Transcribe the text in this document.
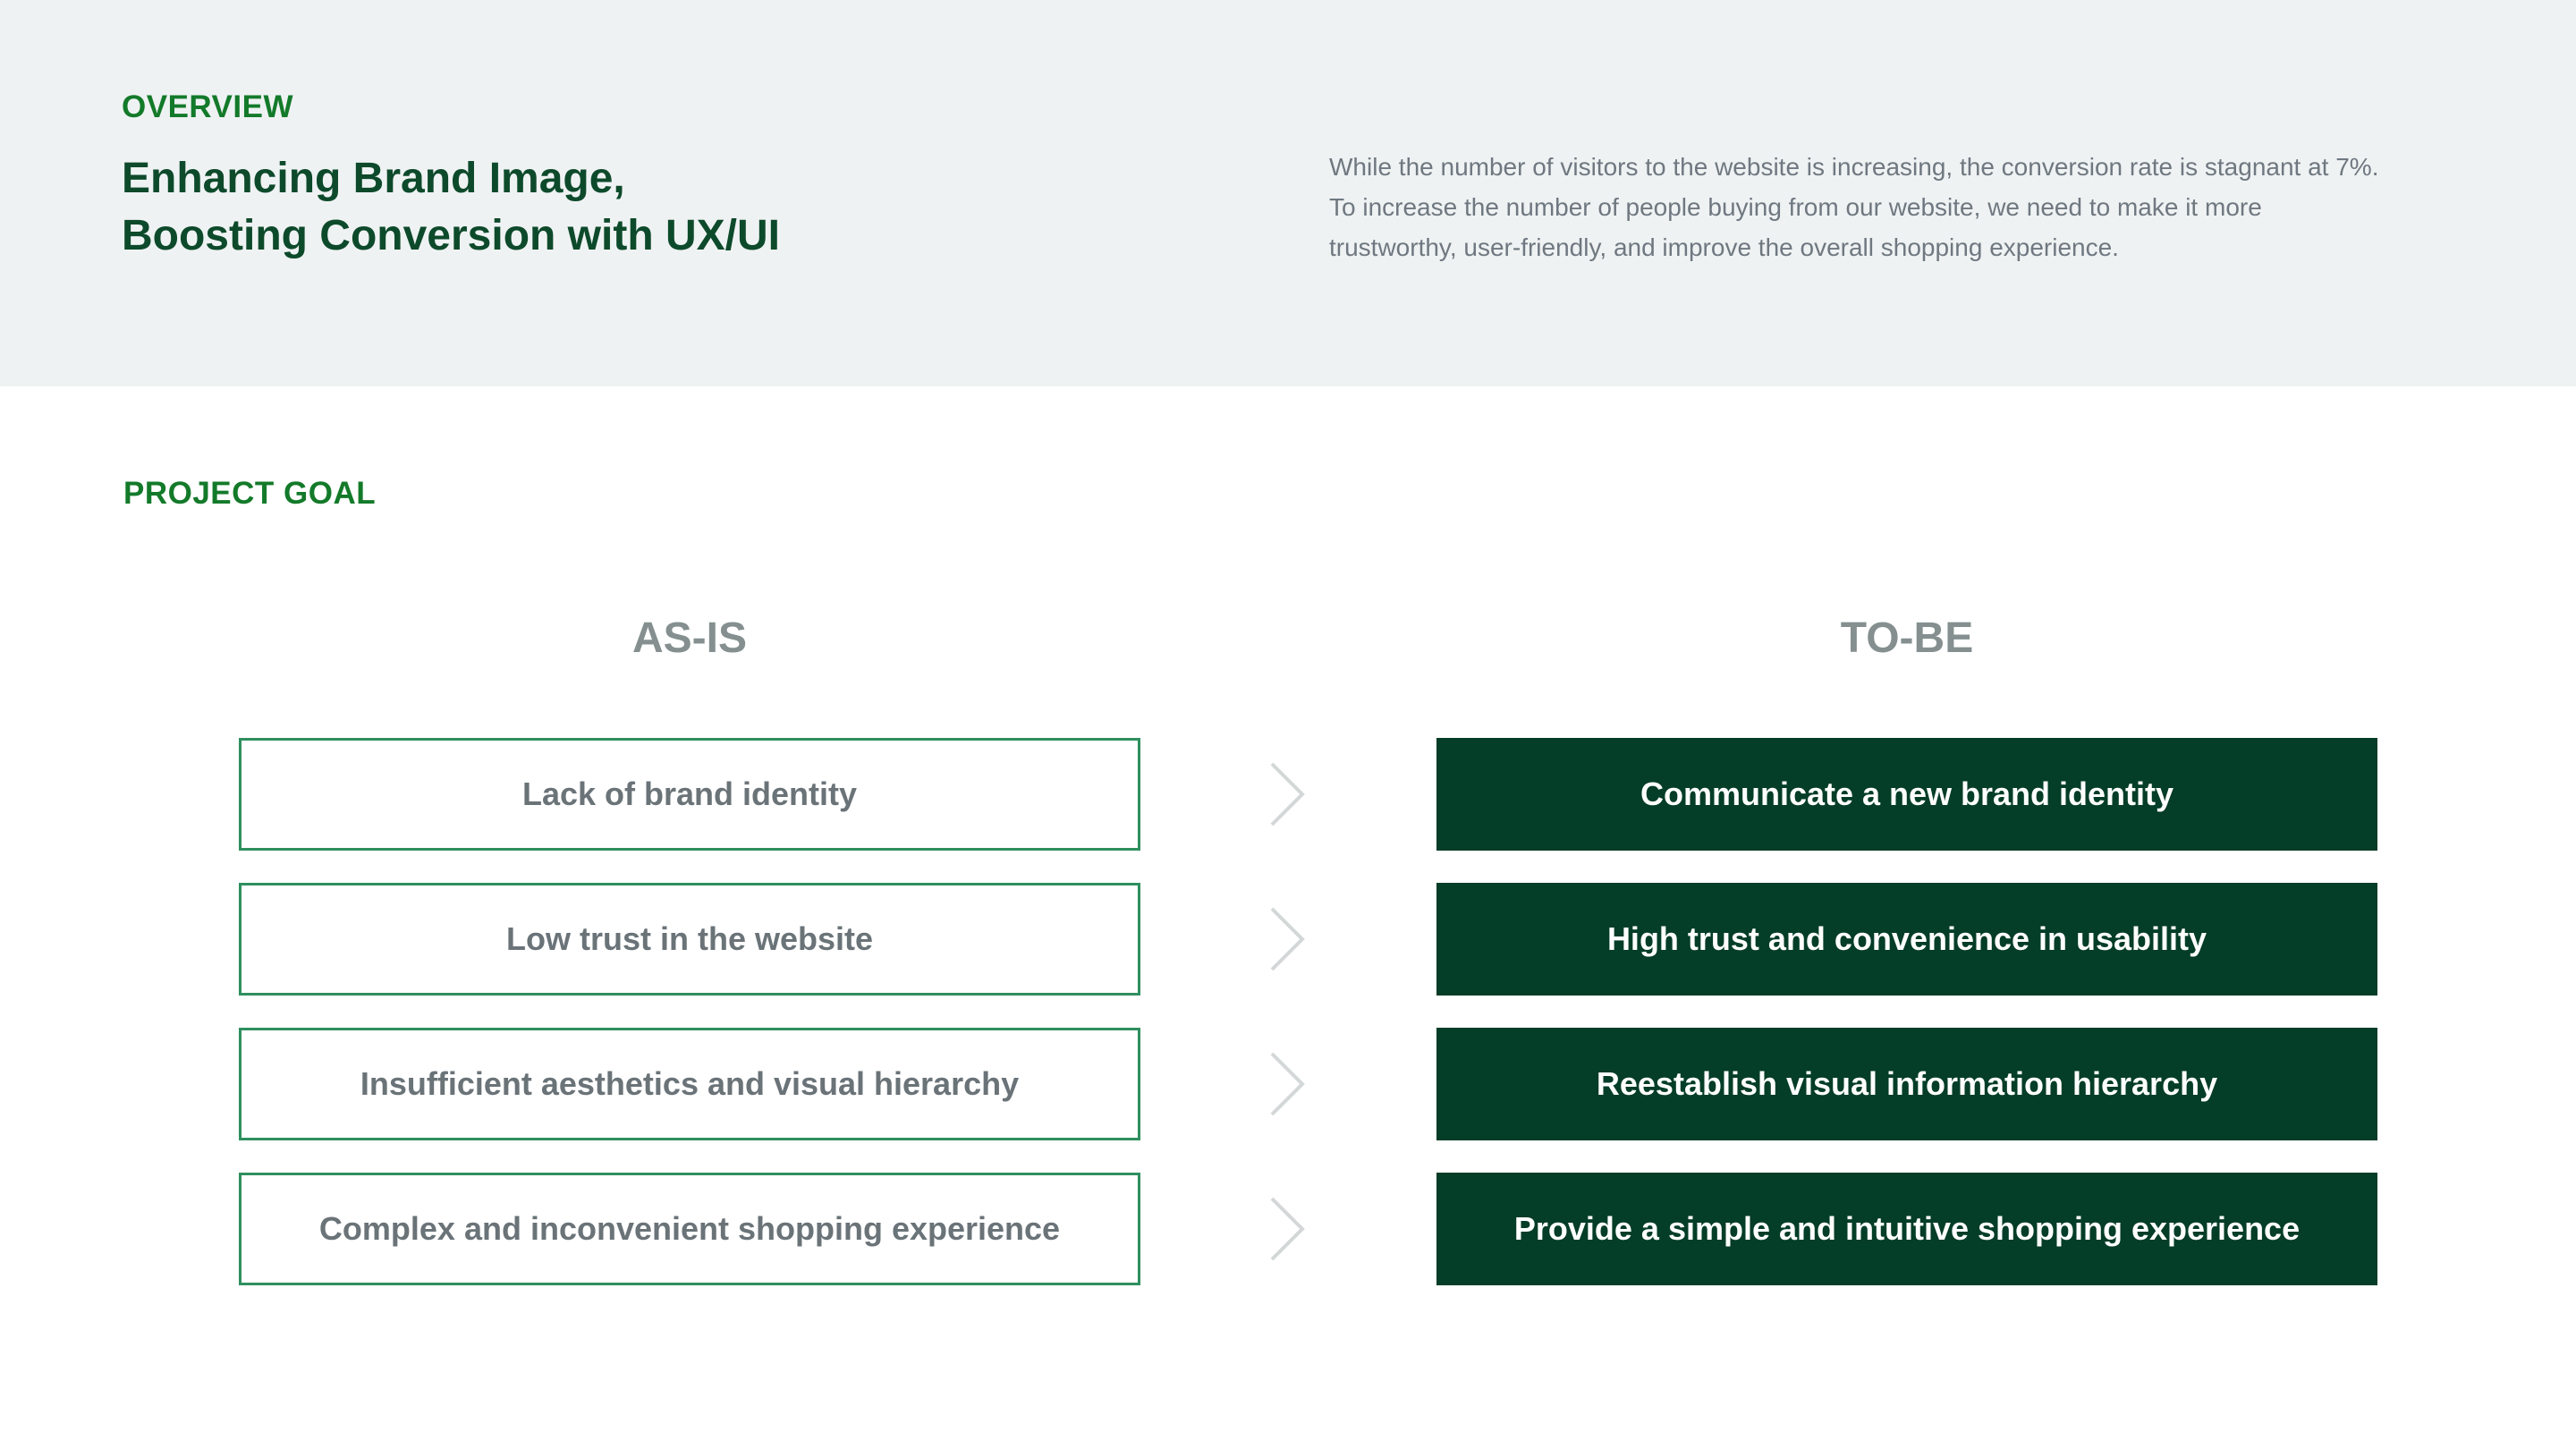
OVERVIEW
Enhancing Brand Image,
Boosting Conversion with UX/UI
While the number of visitors to the website is increasing, the conversion rate is stagnant at 7%.
To increase the number of people buying from our website, we need to make it more
trustworthy, user-friendly, and improve the overall shopping experience.
PROJECT GOAL
AS-IS	TO-BE
Lack of brand identity	Communicate a new brand identity
Low trust in the website	High trust and convenience in usability
Insufficient aesthetics and visual hierarchy	Reestablish visual information hierarchy
Complex and inconvenient shopping experience	Provide a simple and intuitive shopping experience
